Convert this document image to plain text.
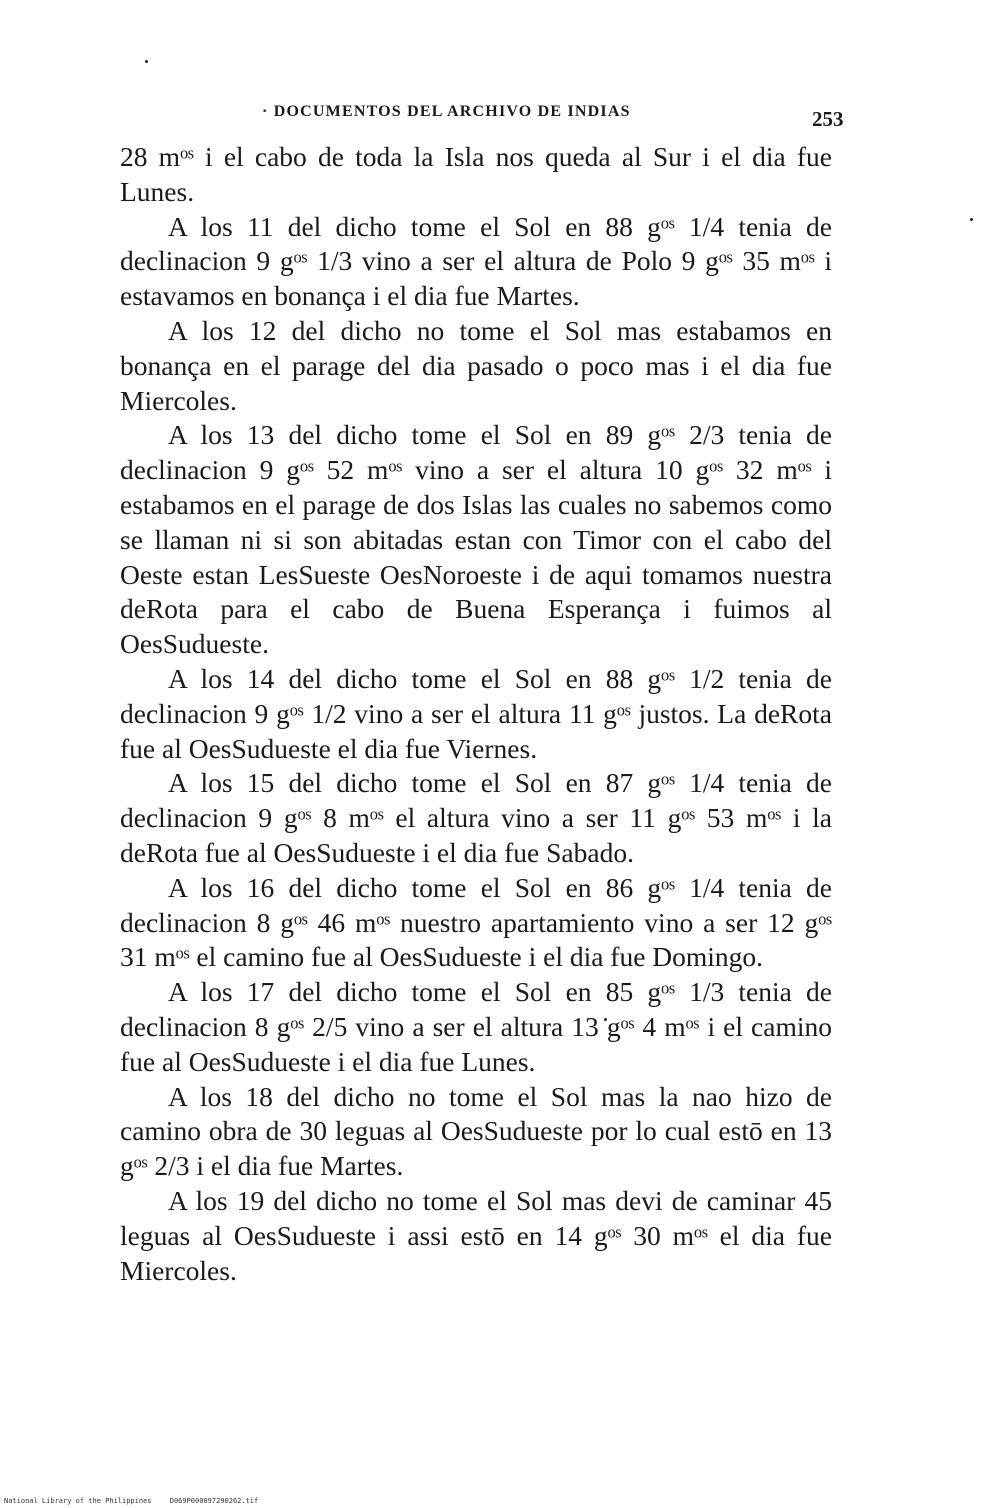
· DOCUMENTOS DEL ARCHIVO DE INDIAS	253

28 mᵒˢ i el cabo de toda la Isla nos queda al Sur i el dia fue Lunes.

A los 11 del dicho tome el Sol en 88 gᵒˢ 1/4 tenia de declinacion 9 gᵒˢ 1/3 vino a ser el altura de Polo 9 gᵒˢ 35 mᵒˢ i estavamos en bonança i el dia fue Martes.

A los 12 del dicho no tome el Sol mas estabamos en bonança en el parage del dia pasado o poco mas i el dia fue Miercoles.

A los 13 del dicho tome el Sol en 89 gᵒˢ 2/3 tenia de declinacion 9 gᵒˢ 52 mᵒˢ vino a ser el altura 10 gᵒˢ 32 mᵒˢ i estabamos en el parage de dos Islas las cuales no sabemos como se llaman ni si son abitadas estan con Timor con el cabo del Oeste estan LesSueste OesNoroeste i de aqui tomamos nuestra deRota para el cabo de Buena Esperança i fuimos al OesSudueste.

A los 14 del dicho tome el Sol en 88 gᵒˢ 1/2 tenia de declinacion 9 gᵒˢ 1/2 vino a ser el altura 11 gᵒˢ justos. La deRota fue al OesSudueste el dia fue Viernes.

A los 15 del dicho tome el Sol en 87 gᵒˢ 1/4 tenia de declinacion 9 gᵒˢ 8 mᵒˢ el altura vino a ser 11 gᵒˢ 53 mᵒˢ i la deRota fue al OesSudueste i el dia fue Sabado.

A los 16 del dicho tome el Sol en 86 gᵒˢ 1/4 tenia de declinacion 8 gᵒˢ 46 mᵒˢ nuestro apartamiento vino a ser 12 gᵒˢ 31 mᵒˢ el camino fue al OesSudueste i el dia fue Domingo.

A los 17 del dicho tome el Sol en 85 gᵒˢ 1/3 tenia de declinacion 8 gᵒˢ 2/5 vino a ser el altura 13 gᵒˢ 4 mᵒˢ i el camino fue al OesSudueste i el dia fue Lunes.

A los 18 del dicho no tome el Sol mas la nao hizo de camino obra de 30 leguas al OesSudueste por lo cual estō en 13 gᵒˢ 2/3 i el dia fue Martes.

A los 19 del dicho no tome el Sol mas devi de caminar 45 leguas al OesSudueste i assi estō en 14 gᵒˢ 30 mᵒˢ el dia fue Miercoles.

National Library of the Philippines	D069P000097290262.tif
